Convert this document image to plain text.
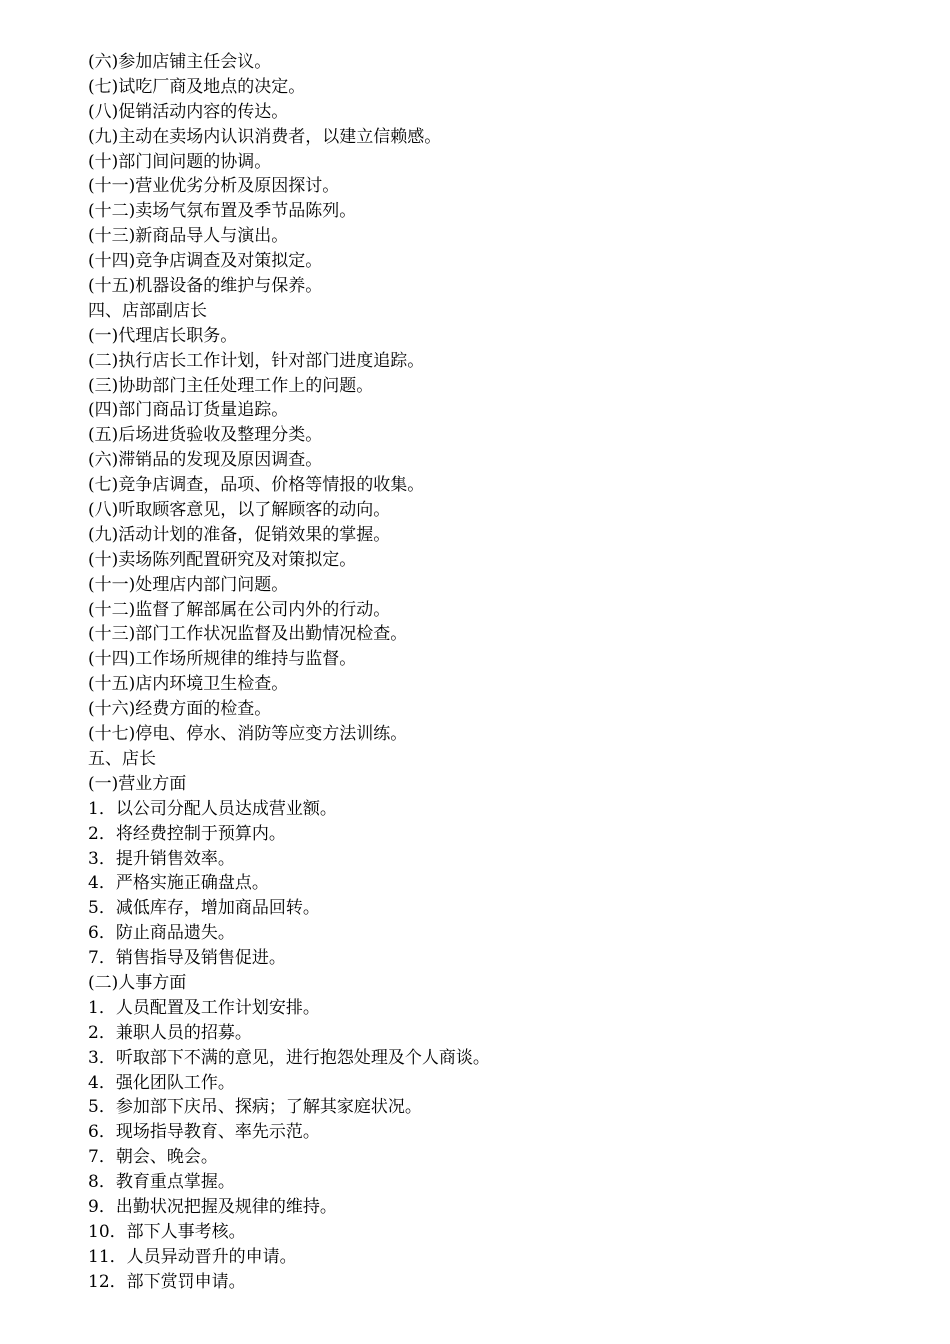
(六)参加店铺主任会议。
(七)试吃厂商及地点的决定。
(八)促销活动内容的传达。
(九)主动在卖场内认识消费者，以建立信赖感。
(十)部门间问题的协调。
(十一)营业优劣分析及原因探讨。
(十二)卖场气氛布置及季节品陈列。
(十三)新商品导人与演出。
(十四)竞争店调查及对策拟定。
(十五)机器设备的维护与保养。
四、店部副店长
(一)代理店长职务。
(二)执行店长工作计划，针对部门进度追踪。
(三)协助部门主任处理工作上的问题。
(四)部门商品订货量追踪。
(五)后场进货验收及整理分类。
(六)滞销品的发现及原因调查。
(七)竞争店调查，品项、价格等情报的收集。
(八)听取顾客意见，以了解顾客的动向。
(九)活动计划的准备，促销效果的掌握。
(十)卖场陈列配置研究及对策拟定。
(十一)处理店内部门问题。
(十二)监督了解部属在公司内外的行动。
(十三)部门工作状况监督及出勤情况检查。
(十四)工作场所规律的维持与监督。
(十五)店内环境卫生检查。
(十六)经费方面的检查。
(十七)停电、停水、消防等应变方法训练。
五、店长
(一)营业方面
1．以公司分配人员达成营业额。
2．将经费控制于预算内。
3．提升销售效率。
4．严格实施正确盘点。
5．减低库存，增加商品回转。
6．防止商品遗失。
7．销售指导及销售促进。
(二)人事方面
1．人员配置及工作计划安排。
2．兼职人员的招募。
3．听取部下不满的意见，进行抱怨处理及个人商谈。
4．强化团队工作。
5．参加部下庆吊、探病；了解其家庭状况。
6．现场指导教育、率先示范。
7．朝会、晚会。
8．教育重点掌握。
9．出勤状况把握及规律的维持。
10．部下人事考核。
11．人员异动晋升的申请。
12．部下赏罚申请。
